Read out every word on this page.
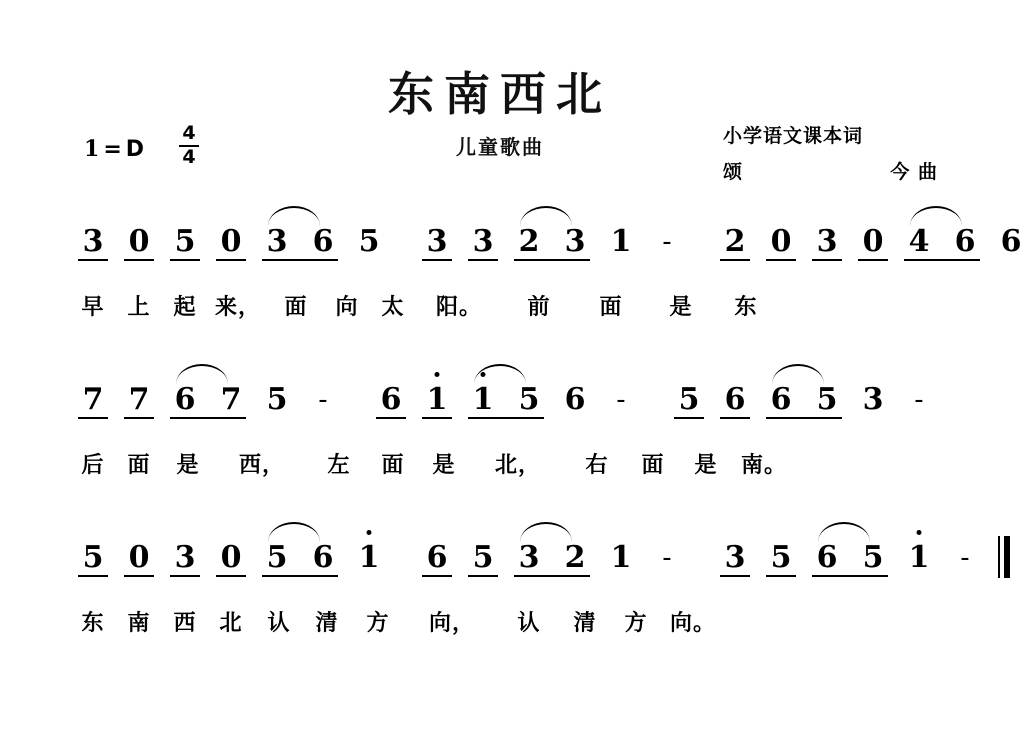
东南西北
儿童歌曲
1 = D
4
4
小学语文课本词
颂	今 曲
3 0 5 0 3 6 5	3 3 2 3 1	-	2 0 3 0 4 6 6
早	上	起 来，	面	向	太	阳。	前	面	是	东
7 7 6 7 5	-	6 1 1 5 6	-	5 6 6 5 3	-
后	面	是	西，	左	面	是	北，	右	面	是	南。
5 0 3 0 5 6 1	6 5 3 2 1	-	3 5 6 5 1	-
东	南	西	北	认	清	方	向，	认	清	方	向。
